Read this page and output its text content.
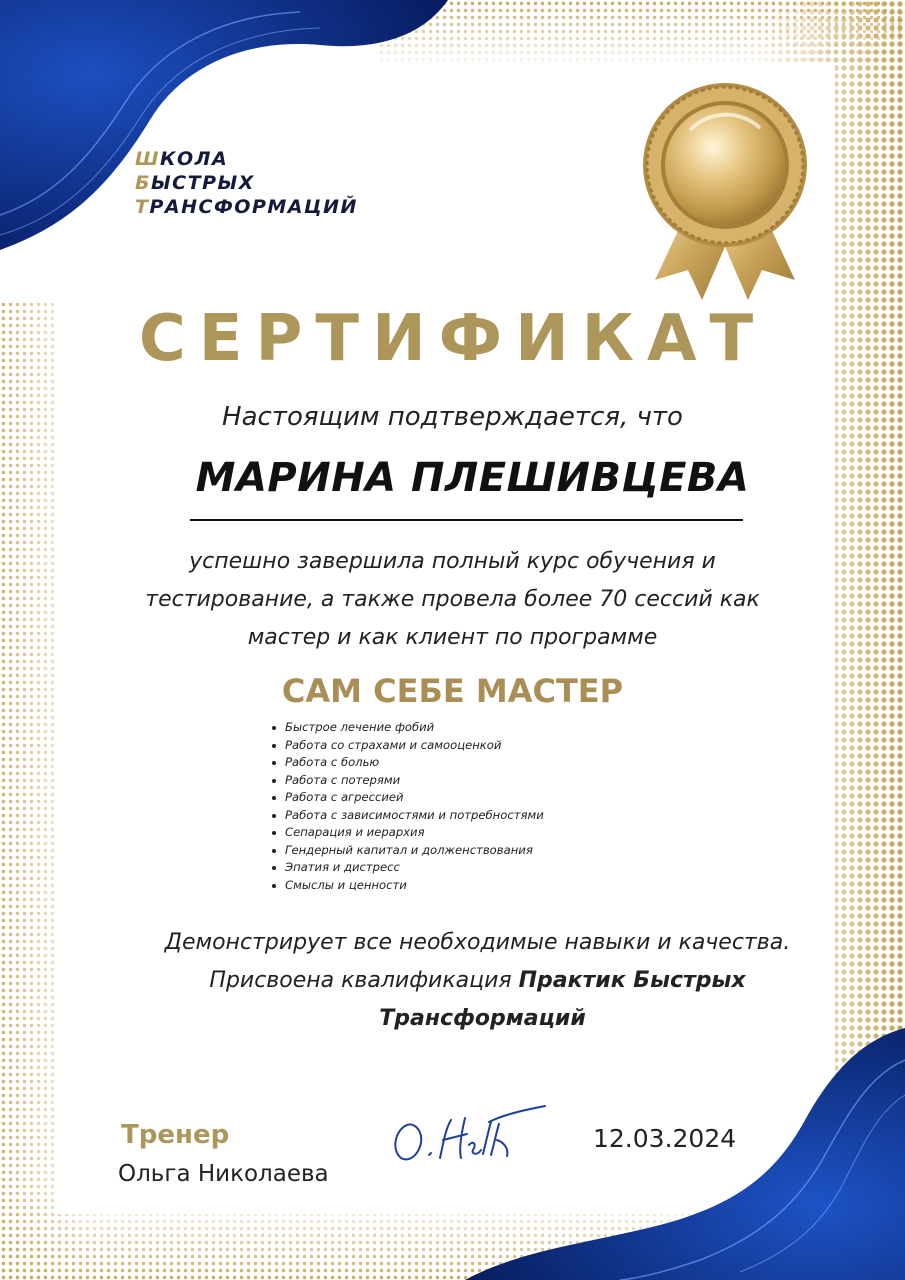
ШКОЛА
БЫСТРЫХ
ТРАНСФОРМАЦИЙ
СЕРТИФИКАТ
Настоящим подтверждается, что
МАРИНА ПЛЕШИВЦЕВА
успешно завершила полный курс обучения и
тестирование, а также провела более 70 сессий как
мастер и как клиент по программе
САМ СЕБЕ МАСТЕР
Быстрое лечение фобий
Работа со страхами и самооценкой
Работа с болью
Работа с потерями
Работа с агрессией
Работа с зависимостями и потребностями
Сепарация и иерархия
Гендерный капитал и долженствования
Эпатия и дистресс
Смыслы и ценности
Демонстрирует все необходимые навыки и качества.
Присвоена квалификация Практик Быстрых
Трансформаций
Тренер
Ольга Николаева
12.03.2024
